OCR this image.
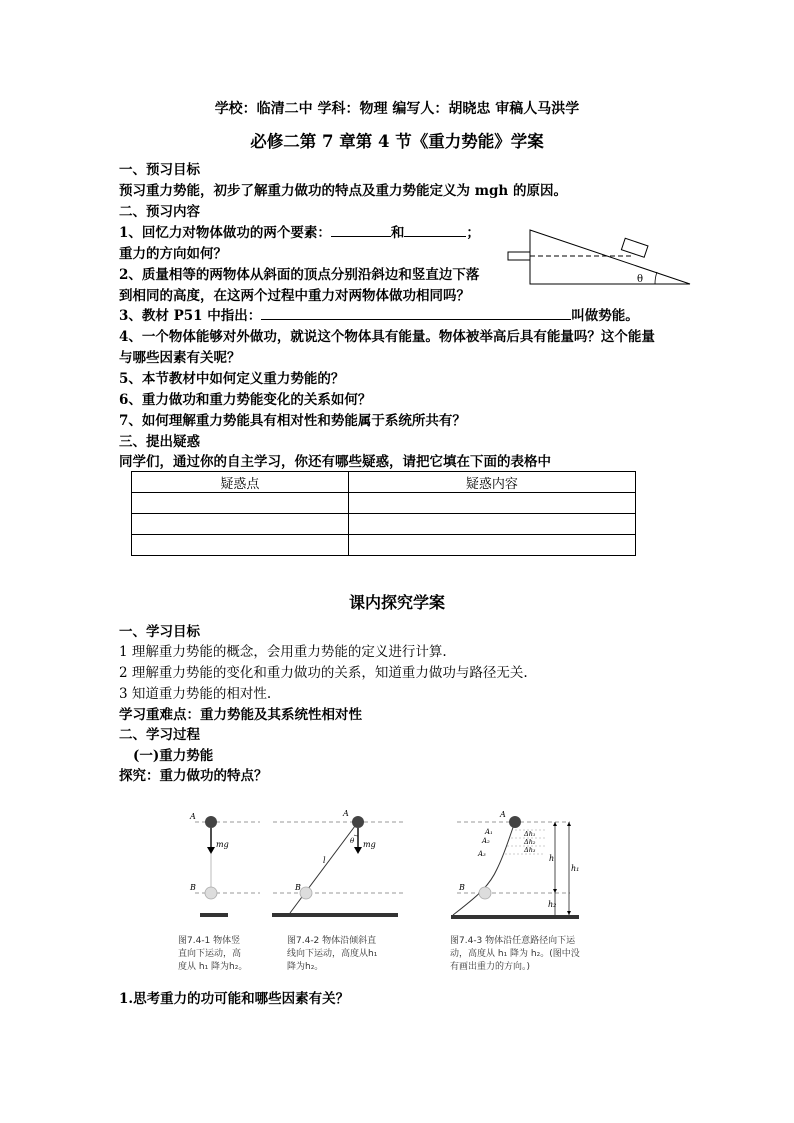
学校：临清二中 学科：物理 编写人：胡晓忠 审稿人马洪学
必修二第 7 章第 4 节《重力势能》学案
一、预习目标
预习重力势能，初步了解重力做功的特点及重力势能定义为 mgh 的原因。
二、预习内容
1、回忆力对物体做功的两个要素：	和	；
重力的方向如何？
2、质量相等的两物体从斜面的顶点分别沿斜边和竖直边下落
到相同的高度，在这两个过程中重力对两物体做功相同吗？
3、教材 P51 中指出：	叫做势能。
4、一个物体能够对外做功，就说这个物体具有能量。物体被举高后具有能量吗？这个能量
与哪些因素有关呢？
5、本节教材中如何定义重力势能的？
6、重力做功和重力势能变化的关系如何？
7、如何理解重力势能具有相对性和势能属于系统所共有？
三、提出疑惑
同学们，通过你的自主学习，你还有哪些疑惑，请把它填在下面的表格中
θ
疑惑点	疑惑内容

课内探究学案
一、学习目标
1 理解重力势能的概念，会用重力势能的定义进行计算.
2 理解重力势能的变化和重力做功的关系，知道重力做功与路径无关.
3 知道重力势能的相对性.
学习重难点：重力势能及其系统性相对性
二、学习过程
(一)重力势能
探究：重力做功的特点？
A
B
mg
A
B
mg
θ
l
A
A₁
A₂
A₃
Δh₁
Δh₂
Δh₃
B
h
h₁
h₂
图7.4-1 物体竖
直向下运动，高
度从 h₁ 降为h₂。
图7.4-2 物体沿倾斜直
线向下运动，高度从h₁
降为h₂。
图7.4-3 物体沿任意路径向下运
动，高度从 h₁ 降为 h₂。(图中没
有画出重力的方向。)
1.思考重力的功可能和哪些因素有关？
